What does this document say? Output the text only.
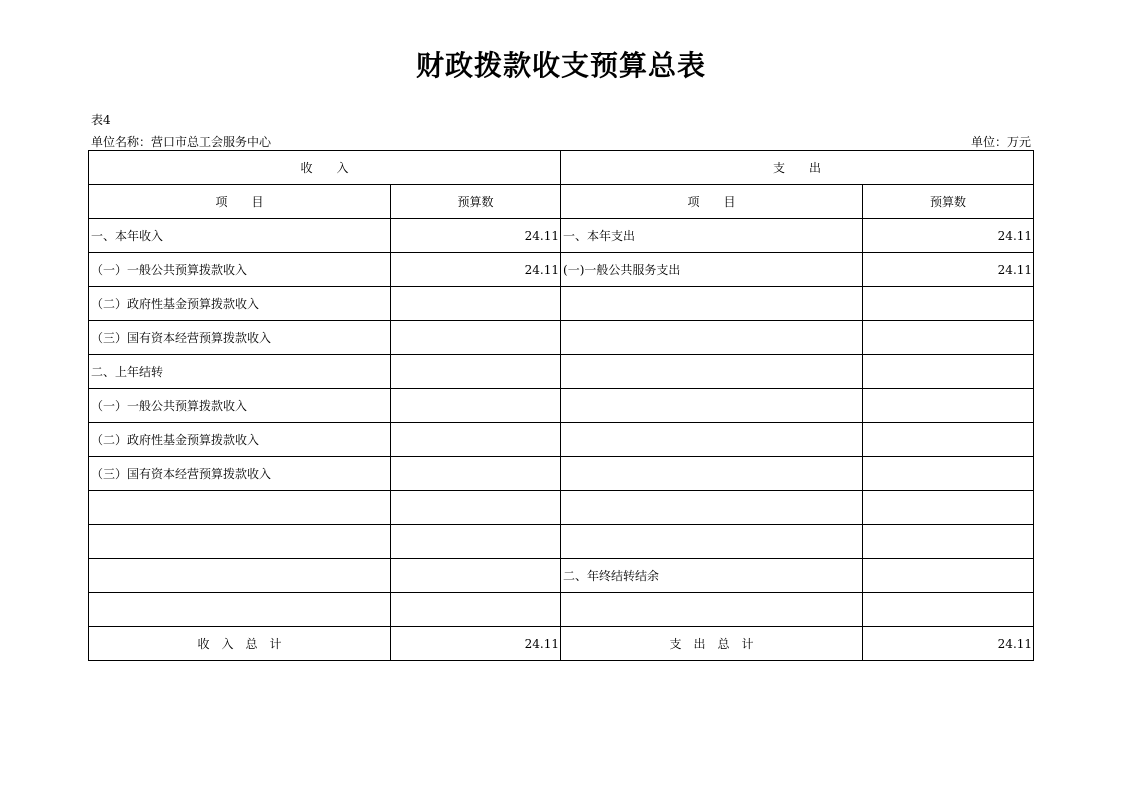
财政拨款收支预算总表
表4
单位名称：营口市总工会服务中心	单位：万元
收　　入		支　　出	
项　　目	预算数	项　　目	预算数
一、本年收入	24.11	一、本年支出	24.11
（一）一般公共预算拨款收入	24.11	(一)一般公共服务支出	24.11
（二）政府性基金预算拨款收入			
（三）国有资本经营预算拨款收入			
二、上年结转			
（一）一般公共预算拨款收入			
（二）政府性基金预算拨款收入			
（三）国有资本经营预算拨款收入			

		二、年终结转结余	

收　入　总　计	24.11	支　出　总　计	24.11
